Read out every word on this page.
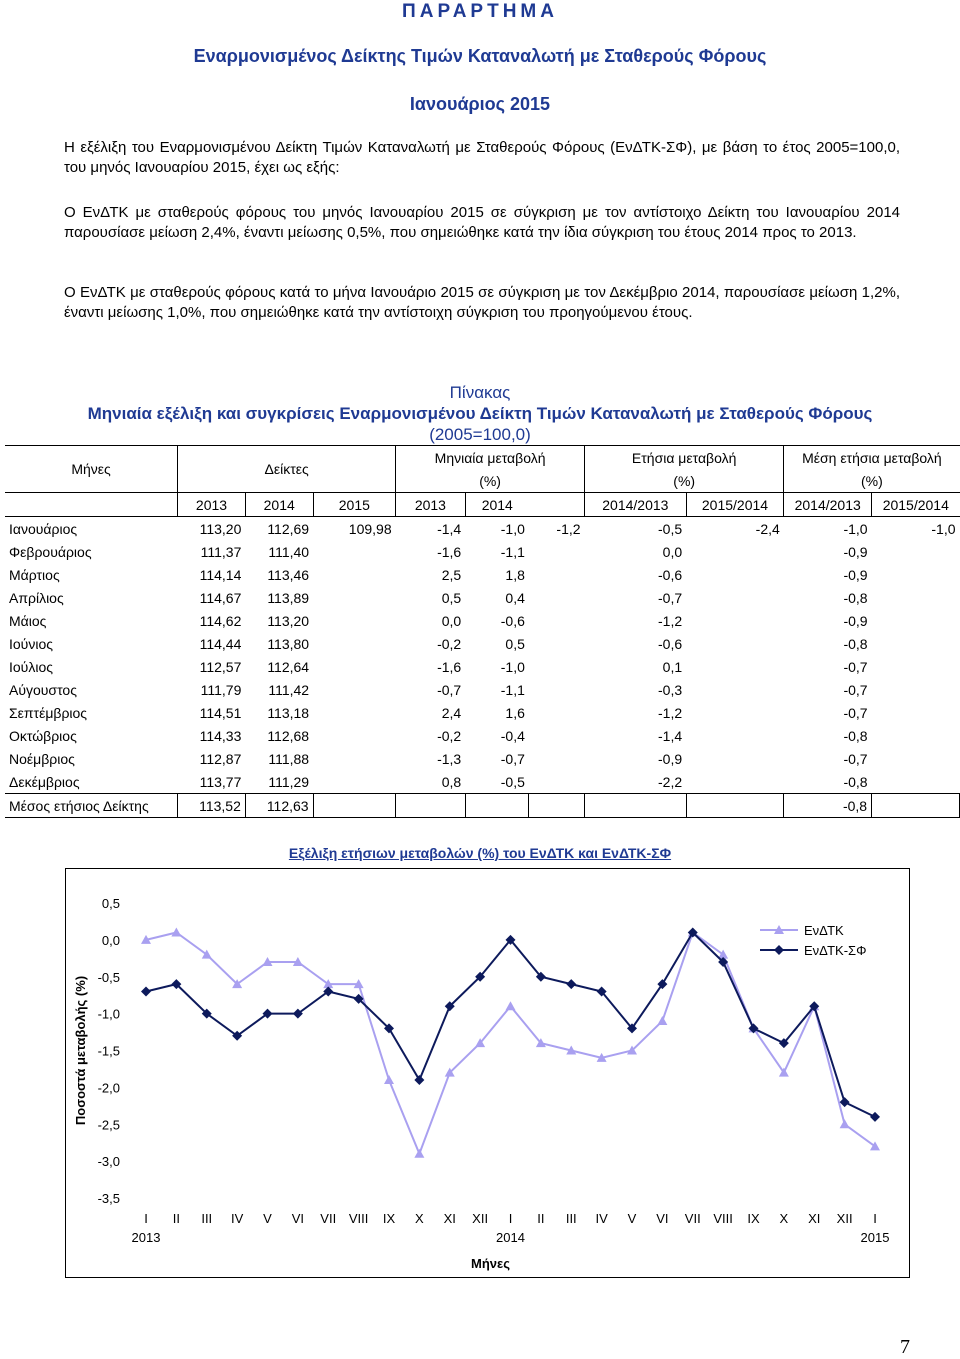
ΠΑΡΑΡΤΗΜΑ
Εναρμονισμένος Δείκτης Τιμών Καταναλωτή με Σταθερούς Φόρους
Ιανουάριος 2015
Η εξέλιξη του Εναρμονισμένου Δείκτη Τιμών Καταναλωτή με Σταθερούς Φόρους (ΕνΔΤΚ-ΣΦ), με βάση το έτος 2005=100,0, του μηνός Ιανουαρίου 2015, έχει ως εξής:
Ο ΕνΔΤΚ με σταθερούς φόρους του μηνός Ιανουαρίου 2015 σε σύγκριση με τον αντίστοιχο Δείκτη του Ιανουαρίου 2014 παρουσίασε μείωση 2,4%, έναντι μείωσης 0,5%, που σημειώθηκε κατά την ίδια σύγκριση του έτους 2014 προς το 2013.
Ο ΕνΔΤΚ με σταθερούς φόρους κατά το μήνα Ιανουάριο 2015 σε σύγκριση με τον Δεκέμβριο 2014, παρουσίασε μείωση 1,2%, έναντι μείωσης 1,0%, που σημειώθηκε κατά την αντίστοιχη σύγκριση του προηγούμενου έτους.
Πίνακας
Μηνιαία εξέλιξη και συγκρίσεις Εναρμονισμένου Δείκτη Τιμών Καταναλωτή με Σταθερούς Φόρους
(2005=100,0)
Μήνες	Δείκτες			Μηνιαία μεταβολή			Ετήσια μεταβολή		Μέση ετήσια μεταβολή	
				(%)			(%)		(%)	
	2013	2014	2015	2013	2014		2014/2013	2015/2014	2014/2013	2015/2014
Ιανουάριος	113,20	112,69	109,98	-1,4	-1,0	-1,2	-0,5	-2,4	-1,0	-1,0
Φεβρουάριος	111,37	111,40		-1,6	-1,1		0,0		-0,9	
Μάρτιος	114,14	113,46		2,5	1,8		-0,6		-0,9	
Απρίλιος	114,67	113,89		0,5	0,4		-0,7		-0,8	
Μάιος	114,62	113,20		0,0	-0,6		-1,2		-0,9	
Ιούνιος	114,44	113,80		-0,2	0,5		-0,6		-0,8	
Ιούλιος	112,57	112,64		-1,6	-1,0		0,1		-0,7	
Αύγουστος	111,79	111,42		-0,7	-1,1		-0,3		-0,7	
Σεπτέμβριος	114,51	113,18		2,4	1,6		-1,2		-0,7	
Οκτώβριος	114,33	112,68		-0,2	-0,4		-1,4		-0,8	
Νοέμβριος	112,87	111,88		-1,3	-0,7		-0,9		-0,7	
Δεκέμβριος	113,77	111,29		0,8	-0,5		-2,2		-0,8	
Μέσος ετήσιος Δείκτης	113,52	112,63							-0,8	
Εξέλιξη ετήσιων μεταβολών (%) του ΕνΔΤΚ και ΕνΔΤΚ-ΣΦ
0,5
0,0
-0,5
-1,0
-1,5
-2,0
-2,5
-3,0
-3,5
Ποσοστά μεταβολής (%)
I II III IV V VI VII VIII IX X XI XII I II III IV V VI VII VIII IX X XI XII I
2013	2014	2015
Μήνες
ΕνΔΤΚ
ΕνΔΤΚ-ΣΦ
7
